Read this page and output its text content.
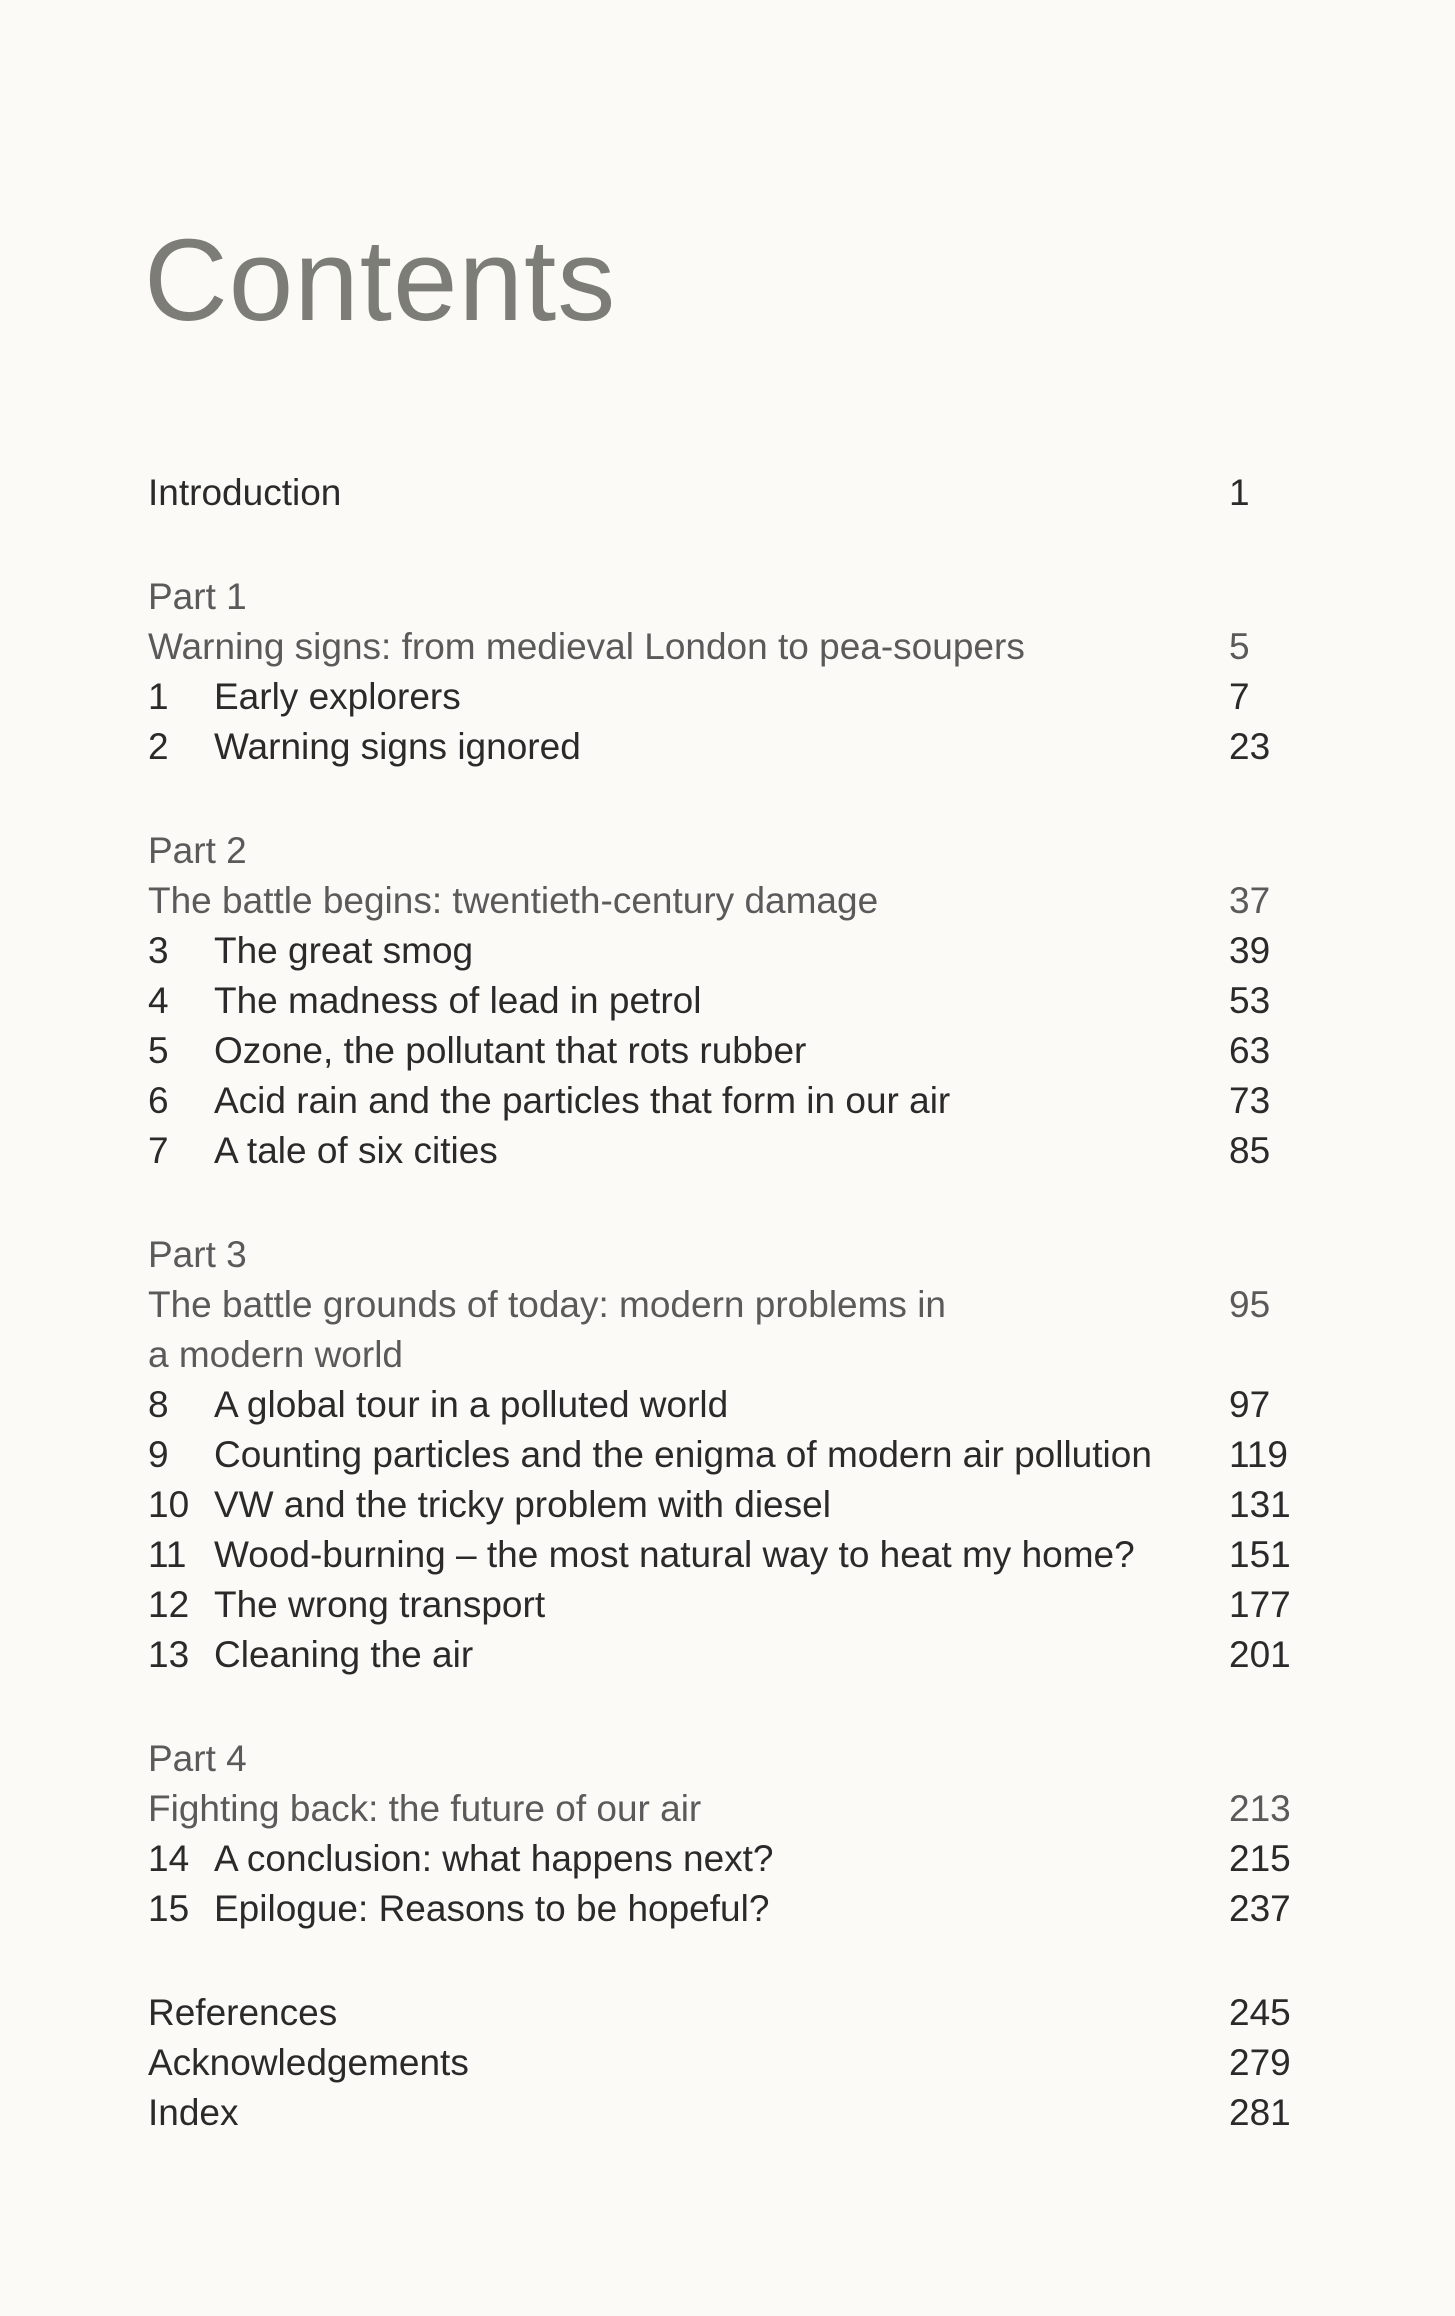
Contents
Introduction	1
Part 1
Warning signs: from medieval London to pea-soupers	5
1 Early explorers	7
2 Warning signs ignored	23
Part 2
The battle begins: twentieth-century damage	37
3 The great smog	39
4 The madness of lead in petrol	53
5 Ozone, the pollutant that rots rubber	63
6 Acid rain and the particles that form in our air	73
7 A tale of six cities	85
Part 3
The battle grounds of today: modern problems in	95
a modern world
8 A global tour in a polluted world	97
9 Counting particles and the enigma of modern air pollution 119
10 VW and the tricky problem with diesel	131
11 Wood-burning – the most natural way to heat my home?	151
12 The wrong transport	177
13 Cleaning the air	201
Part 4
Fighting back: the future of our air	213
14 A conclusion: what happens next?	215
15 Epilogue: Reasons to be hopeful?	237
References	245
Acknowledgements	279
Index	281
